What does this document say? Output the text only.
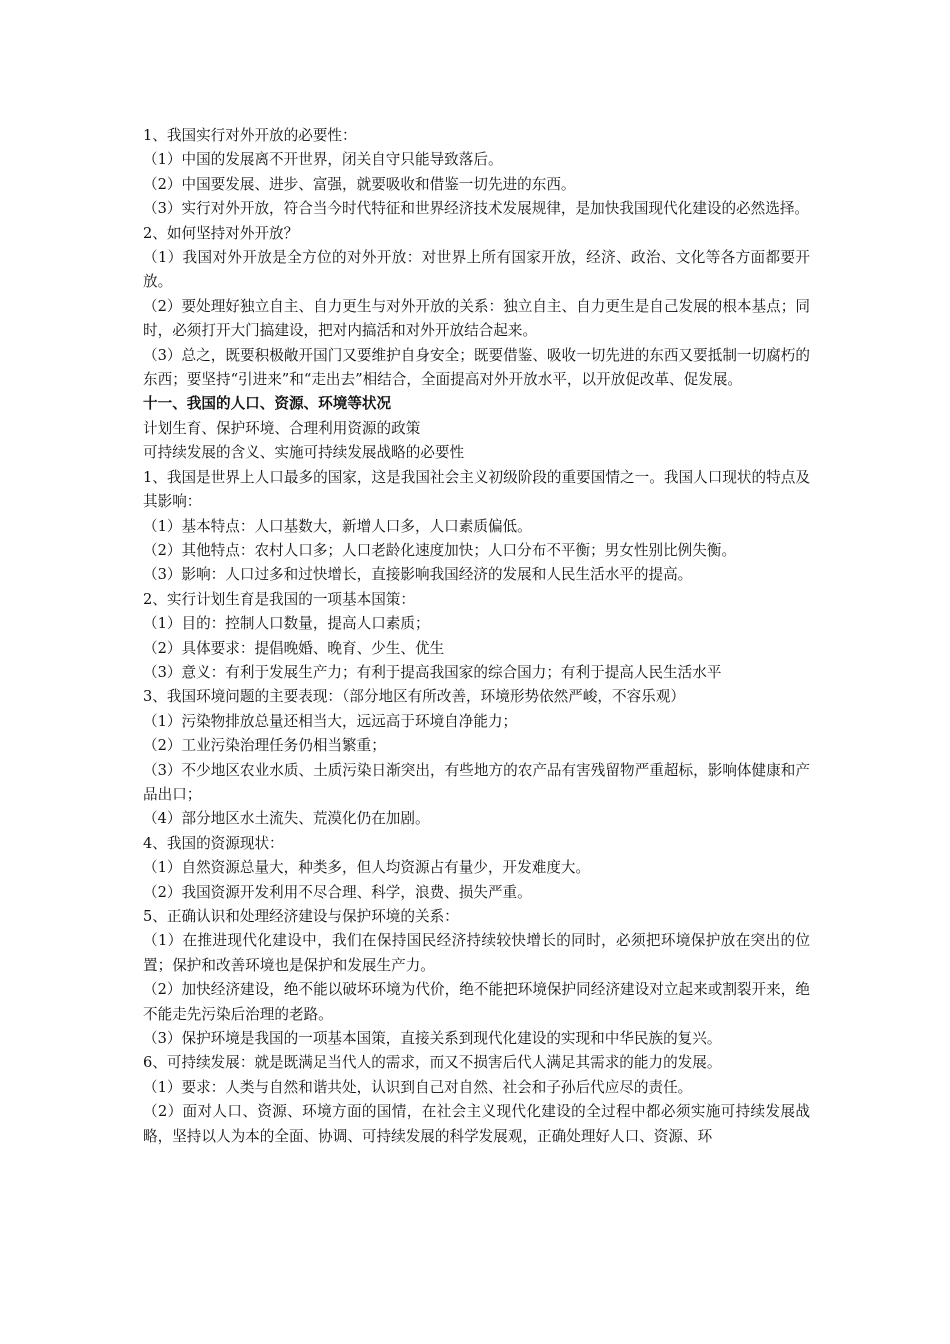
1、我国实行对外开放的必要性：

（1）中国的发展离不开世界，闭关自守只能导致落后。

（2）中国要发展、进步、富强，就要吸收和借鉴一切先进的东西。

（3）实行对外开放，符合当今时代特征和世界经济技术发展规律，是加快我国现代化建设的必然选择。

2、如何坚持对外开放？

（1）我国对外开放是全方位的对外开放：对世界上所有国家开放，经济、政治、文化等各方面都要开放。

（2）要处理好独立自主、自力更生与对外开放的关系：独立自主、自力更生是自己发展的根本基点；同时，必须打开大门搞建设，把对内搞活和对外开放结合起来。

（3）总之，既要积极敞开国门又要维护自身安全；既要借鉴、吸收一切先进的东西又要抵制一切腐朽的东西；要坚持“引进来”和“走出去”相结合，全面提高对外开放水平，以开放促改革、促发展。

十一、我国的人口、资源、环境等状况

计划生育、保护环境、合理利用资源的政策

可持续发展的含义、实施可持续发展战略的必要性

1、我国是世界上人口最多的国家，这是我国社会主义初级阶段的重要国情之一。我国人口现状的特点及其影响：

（1）基本特点：人口基数大，新增人口多，人口素质偏低。

（2）其他特点：农村人口多；人口老龄化速度加快；人口分布不平衡；男女性别比例失衡。

（3）影响：人口过多和过快增长，直接影响我国经济的发展和人民生活水平的提高。

2、实行计划生育是我国的一项基本国策：

（1）目的：控制人口数量，提高人口素质；

（2）具体要求：提倡晚婚、晚育、少生、优生

（3）意义：有利于发展生产力；有利于提高我国家的综合国力；有利于提高人民生活水平

3、我国环境问题的主要表现：（部分地区有所改善，环境形势依然严峻，不容乐观）

（1）污染物排放总量还相当大，远远高于环境自净能力；

（2）工业污染治理任务仍相当繁重；

（3）不少地区农业水质、土质污染日渐突出，有些地方的农产品有害残留物严重超标，影响体健康和产品出口；

（4）部分地区水土流失、荒漠化仍在加剧。

4、我国的资源现状：

（1）自然资源总量大，种类多，但人均资源占有量少，开发难度大。

（2）我国资源开发利用不尽合理、科学，浪费、损失严重。

5、正确认识和处理经济建设与保护环境的关系：

（1）在推进现代化建设中，我们在保持国民经济持续较快增长的同时，必须把环境保护放在突出的位置；保护和改善环境也是保护和发展生产力。

（2）加快经济建设，绝不能以破坏环境为代价，绝不能把环境保护同经济建设对立起来或割裂开来，绝不能走先污染后治理的老路。

（3）保护环境是我国的一项基本国策，直接关系到现代化建设的实现和中华民族的复兴。

6、可持续发展：就是既满足当代人的需求，而又不损害后代人满足其需求的能力的发展。

（1）要求：人类与自然和谐共处，认识到自己对自然、社会和子孙后代应尽的责任。

（2）面对人口、资源、环境方面的国情，在社会主义现代化建设的全过程中都必须实施可持续发展战略，坚持以人为本的全面、协调、可持续发展的科学发展观，正确处理好人口、资源、环
